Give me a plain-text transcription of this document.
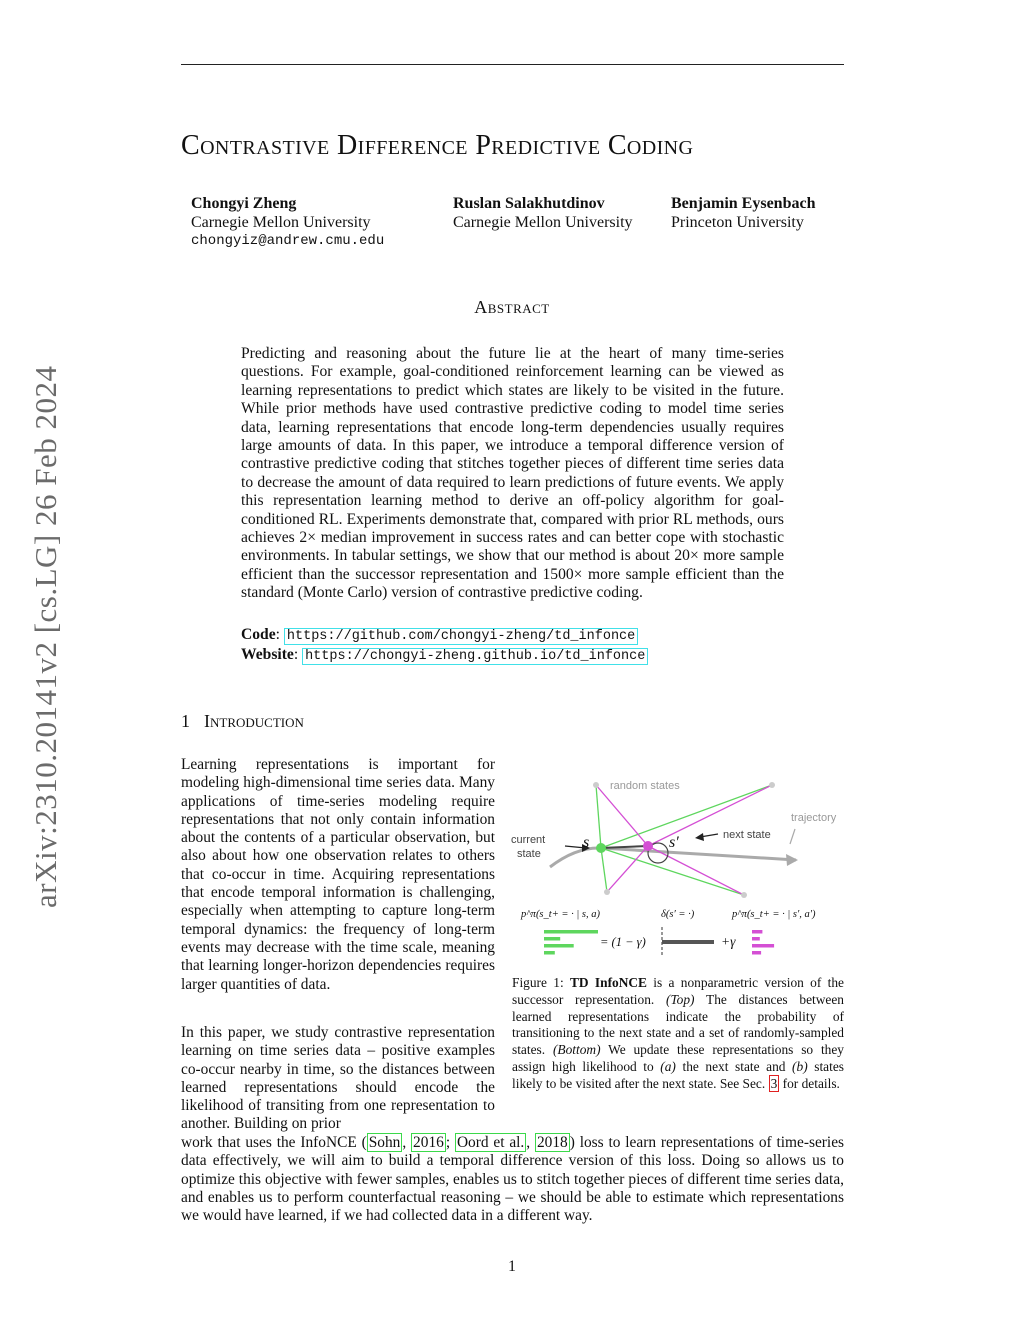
arXiv:2310.20141v2 [cs.LG] 26 Feb 2024
Contrastive Difference Predictive Coding
Chongyi Zheng
Carnegie Mellon University
chongyiz@andrew.cmu.edu
Ruslan Salakhutdinov
Carnegie Mellon University
Benjamin Eysenbach
Princeton University
Abstract
Predicting and reasoning about the future lie at the heart of many time-series questions. For example, goal-conditioned reinforcement learning can be viewed as learning representations to predict which states are likely to be visited in the future. While prior methods have used contrastive predictive coding to model time series data, learning representations that encode long-term dependencies usually requires large amounts of data. In this paper, we introduce a temporal difference version of contrastive predictive coding that stitches together pieces of different time series data to decrease the amount of data required to learn predictions of future events. We apply this representation learning method to derive an off-policy algorithm for goal-conditioned RL. Experiments demonstrate that, compared with prior RL methods, ours achieves 2× median improvement in success rates and can better cope with stochastic environments. In tabular settings, we show that our method is about 20× more sample efficient than the successor representation and 1500× more sample efficient than the standard (Monte Carlo) version of contrastive predictive coding.
Code: https://github.com/chongyi-zheng/td_infonce
Website: https://chongyi-zheng.github.io/td_infonce
1 Introduction
Learning representations is important for modeling high-dimensional time series data. Many applications of time-series modeling require representations that not only contain information about the contents of a particular observation, but also about how one observation relates to others that co-occur in time. Acquiring representations that encode temporal information is challenging, especially when attempting to capture long-term temporal dynamics: the frequency of long-term events may decrease with the time scale, meaning that learning longer-horizon dependencies requires larger quantities of data.
In this paper, we study contrastive representation learning on time series data – positive examples co-occur nearby in time, so the distances between learned representations should encode the likelihood of transiting from one representation to another. Building on prior
work that uses the InfoNCE ( Sohn , 2016 ; Oord et al. , 2018 ) loss to learn representations of time-series data effectively, we will aim to build a temporal difference version of this loss. Doing so allows us to optimize this objective with fewer samples, enables us to stitch together pieces of different time series data, and enables us to perform counterfactual reasoning – we should be able to estimate which representations we would have learned, if we had collected data in a different way.
random states
trajectory
current
state
next state
s	s′
p^π(s_t+ = · | s, a)	δ(s′ = ·)	p^π(s_t+ = · | s′, a′)
= (1 − γ)	+γ
Figure 1: TD InfoNCE is a nonparametric version of the successor representation. (Top) The distances between learned representations indicate the probability of transitioning to the next state and a set of randomly-sampled states. (Bottom) We update these representations so they assign high likelihood to (a) the next state and (b) states likely to be visited after the next state. See Sec. 3 for details.
1
